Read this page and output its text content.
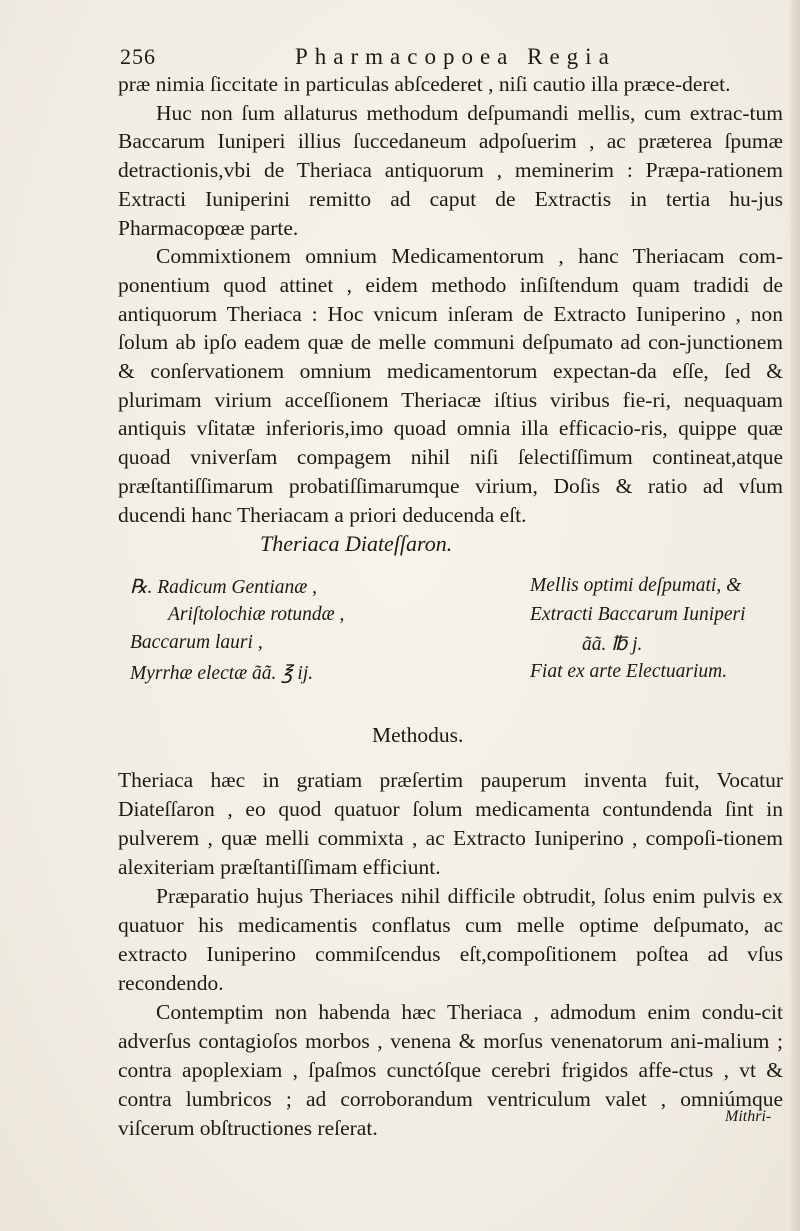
256	Pharmacopoea Regia

præ nimia ſiccitate in particulas abſcederet , niſi cautio illa præce-deret.

Huc non ſum allaturus methodum deſpumandi mellis, cum extrac-tum Baccarum Iuniperi illius ſuccedaneum adpoſuerim , ac præterea ſpumæ detractionis,vbi de Theriaca antiquorum , meminerim : Præpa-rationem Extracti Iuniperini remitto ad caput de Extractis in tertia hu-jus Pharmacopœæ parte.

Commixtionem omnium Medicamentorum , hanc Theriacam com-ponentium quod attinet , eidem methodo inſiſtendum quam tradidi de antiquorum Theriaca : Hoc vnicum inſeram de Extracto Iuniperino , non ſolum ab ipſo eadem quæ de melle communi deſpumato ad con-junctionem & conſervationem omnium medicamentorum expectan-da eſſe, ſed & plurimam virium acceſſionem Theriacæ iſtius viribus fie-ri, nequaquam antiquis vſitatæ inferioris,imo quoad omnia illa efficacio-ris, quippe quæ quoad vniverſam compagem nihil niſi ſelectiſſimum contineat,atque præſtantiſſimarum probatiſſimarumque virium, Doſis & ratio ad vſum ducendi hanc Theriacam a priori deducenda eſt.

Theriaca Diateſſaron.
℞. Radicum Gentianæ ,
Ariſtolochiæ rotundæ ,
Baccarum lauri ,
Myrrhæ electæ ãã. ℥ ij.
Mellis optimi deſpumati, &
Extracti Baccarum Iuniperi
ãã. ℔ j.
Fiat ex arte Electuarium.
Methodus.

Theriaca hæc in gratiam præſertim pauperum inventa fuit, Vocatur Diateſſaron , eo quod quatuor ſolum medicamenta contundenda ſint in pulverem , quæ melli commixta , ac Extracto Iuniperino , compoſi-tionem alexiteriam præſtantiſſimam efficiunt.

Præparatio hujus Theriaces nihil difficile obtrudit, ſolus enim pulvis ex quatuor his medicamentis conflatus cum melle optime deſpumato, ac extracto Iuniperino commiſcendus eſt,compoſitionem poſtea ad vſus recondendo.

Contemptim non habenda hæc Theriaca , admodum enim condu-cit adverſus contagioſos morbos , venena & morſus venenatorum ani-malium ; contra apoplexiam , ſpaſmos cunctóſque cerebri frigidos affe-ctus , vt & contra lumbricos ; ad corroborandum ventriculum valet , omniúmque viſcerum obſtructiones reſerat.	Mithri-
